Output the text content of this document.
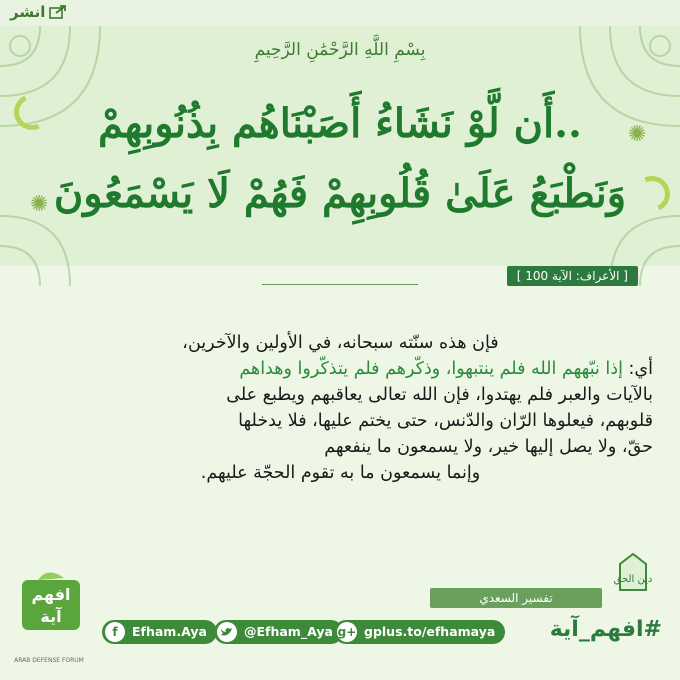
انشر
بِسْمِ اللَّهِ الرَّحْمَٰنِ الرَّحِيمِ
..أَن لَّوْ نَشَاءُ أَصَبْنَاهُم بِذُنُوبِهِمْ
وَنَطْبَعُ عَلَىٰ قُلُوبِهِمْ فَهُمْ لَا يَسْمَعُونَ
✺
✺
[ الأعراف: الآية 100 ]
فإن هذه سنّته سبحانه، في الأولين والآخرين،
أي: إذا نبّههم الله فلم ينتبهوا، وذكّرهم فلم يتذكّروا وهداهم
بالآيات والعبر فلم يهتدوا، فإن الله تعالى يعاقبهم ويطبع على
قلوبهم، فيعلوها الرّان والدّنس، حتى يختم عليها، فلا يدخلها
حقّ، ولا يصل إليها خير، ولا يسمعون ما ينفعهم

وإنما يسمعون ما به تقوم الحجّة عليهم.
تفسير السعدي
دين الحق
f	Efham.Aya	@Efham_Aya g+ gplus.to/efhamaya	#افهم_آية
افهم
آية
ARAB DEFENSE FORUM
